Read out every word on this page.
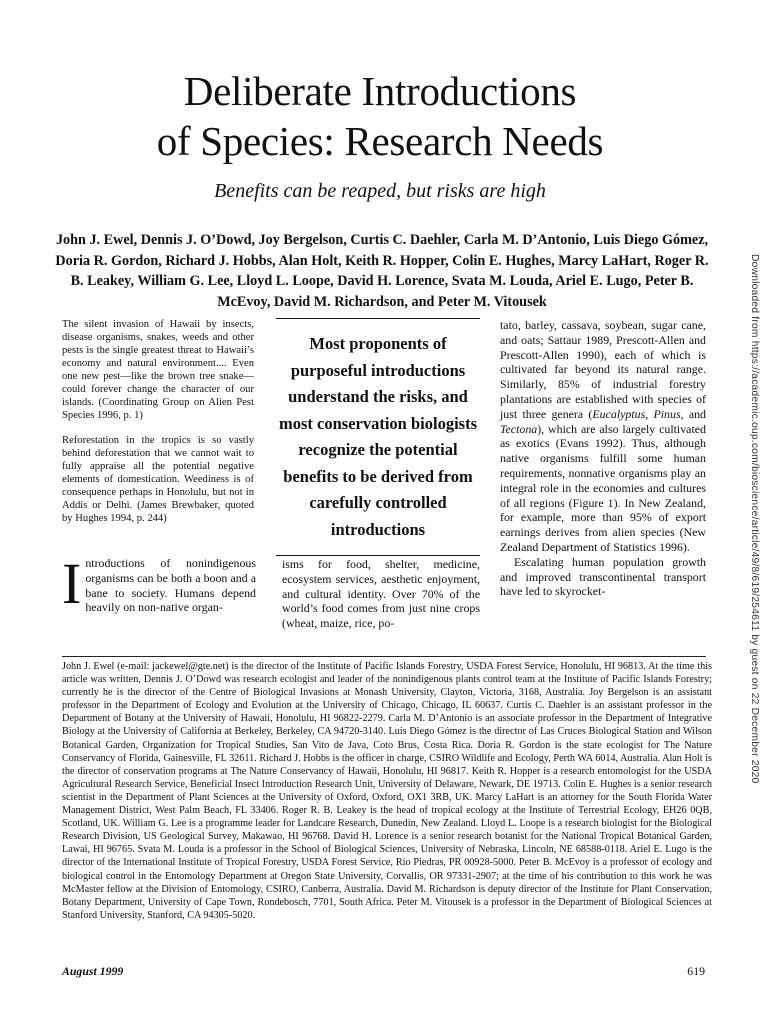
Deliberate Introductions
of Species: Research Needs
Benefits can be reaped, but risks are high

John J. Ewel, Dennis J. O’Dowd, Joy Bergelson, Curtis C. Daehler, Carla M. D’Antonio, Luis Diego Gómez, Doria R. Gordon, Richard J. Hobbs, Alan Holt, Keith R. Hopper, Colin E. Hughes, Marcy LaHart, Roger R. B. Leakey, William G. Lee, Lloyd L. Loope, David H. Lorence, Svata M. Louda, Ariel E. Lugo, Peter B. McEvoy, David M. Richardson, and Peter M. Vitousek

The silent invasion of Hawaii by insects, disease organisms, snakes, weeds and other pests is the single greatest threat to Hawaii’s economy and natural environment.... Even one new pest—like the brown tree snake—could forever change the character of our islands. (Coordinating Group on Alien Pest Species 1996, p. 1)

Reforestation in the tropics is so vastly behind deforestation that we cannot wait to fully appraise all the potential negative elements of domestication. Weediness is of consequence perhaps in Honolulu, but not in Addis or Delhi. (James Brewbaker, quoted by Hughes 1994, p. 244)

Most proponents of purposeful introductions understand the risks, and most conservation biologists recognize the potential benefits to be derived from carefully controlled introductions

Introductions of nonindigenous organisms can be both a boon and a bane to society. Humans depend heavily on non-native organ-

isms for food, shelter, medicine, ecosystem services, aesthetic enjoyment, and cultural identity. Over 70% of the world’s food comes from just nine crops (wheat, maize, rice, po-

tato, barley, cassava, soybean, sugar cane, and oats; Sattaur 1989, Prescott-Allen and Prescott-Allen 1990), each of which is cultivated far beyond its natural range. Similarly, 85% of industrial forestry plantations are established with species of just three genera (Eucalyptus, Pinus, and Tectona), which are also largely cultivated as exotics (Evans 1992). Thus, although native organisms fulfill some human requirements, nonnative organisms play an integral role in the economies and cultures of all regions (Figure 1). In New Zealand, for example, more than 95% of export earnings derives from alien species (New Zealand Department of Statistics 1996).

Escalating human population growth and improved transcontinental transport have led to skyrocket-

John J. Ewel (e-mail: jackewel@gte.net) is the director of the Institute of Pacific Islands Forestry, USDA Forest Service, Honolulu, HI 96813. At the time this article was written, Dennis J. O’Dowd was research ecologist and leader of the nonindigenous plants control team at the Institute of Pacific Islands Forestry; currently he is the director of the Centre of Biological Invasions at Monash University, Clayton, Victoria, 3168, Australia. Joy Bergelson is an assistant professor in the Department of Ecology and Evolution at the University of Chicago, Chicago, IL 60637. Curtis C. Daehler is an assistant professor in the Department of Botany at the University of Hawaii, Honolulu, HI 96822-2279. Carla M. D’Antonio is an associate professor in the Department of Integrative Biology at the University of California at Berkeley, Berkeley, CA 94720-3140. Luis Diego Gómez is the director of Las Cruces Biological Station and Wilson Botanical Garden, Organization for Tropical Studies, San Vito de Java, Coto Brus, Costa Rica. Doria R. Gordon is the state ecologist for The Nature Conservancy of Florida, Gainesville, FL 32611. Richard J. Hobbs is the officer in charge, CSIRO Wildlife and Ecology, Perth WA 6014, Australia. Alan Holt is the director of conservation programs at The Nature Conservancy of Hawaii, Honolulu, HI 96817. Keith R. Hopper is a research entomologist for the USDA Agricultural Research Service, Beneficial Insect Introduction Research Unit, University of Delaware, Newark, DE 19713. Colin E. Hughes is a senior research scientist in the Department of Plant Sciences at the University of Oxford, Oxford, OX1 3RB, UK. Marcy LaHart is an attorney for the South Florida Water Management District, West Palm Beach, FL 33406. Roger R. B. Leakey is the head of tropical ecology at the Institute of Terrestrial Ecology, EH26 0QB, Scotland, UK. William G. Lee is a programme leader for Landcare Research, Dunedin, New Zealand. Lloyd L. Loope is a research biologist for the Biological Research Division, US Geological Survey, Makawao, HI 96768. David H. Lorence is a senior research botanist for the National Tropical Botanical Garden, Lawai, HI 96765. Svata M. Louda is a professor in the School of Biological Sciences, University of Nebraska, Lincoln, NE 68588-0118. Ariel E. Lugo is the director of the International Institute of Tropical Forestry, USDA Forest Service, Río Piedras, PR 00928-5000. Peter B. McEvoy is a professor of ecology and biological control in the Entomology Department at Oregon State University, Corvallis, OR 97331-2907; at the time of his contribution to this work he was McMaster fellow at the Division of Entomology, CSIRO, Canberra, Australia. David M. Richardson is deputy director of the Institute for Plant Conservation, Botany Department, University of Cape Town, Rondebosch, 7701, South Africa. Peter M. Vitousek is a professor in the Department of Biological Sciences at Stanford University, Stanford, CA 94305-5020.

August 1999	619
Downloaded from https://academic.oup.com/bioscience/article/49/8/619/254611 by guest on 22 December 2020
